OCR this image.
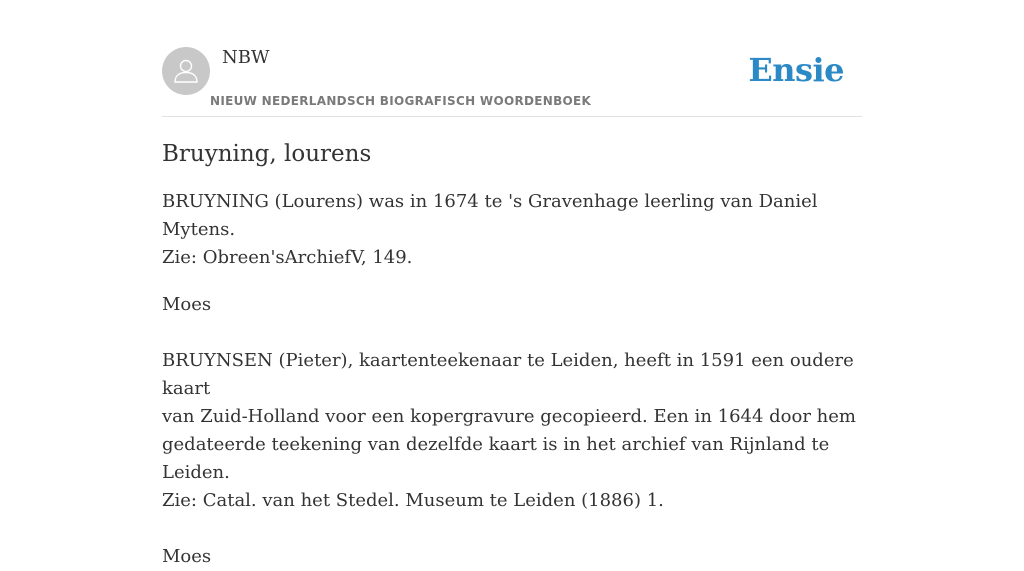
NBW
NIEUW NEDERLANDSCH BIOGRAFISCH WOORDENBOEK
Ensie
Bruyning, lourens

BRUYNING (Lourens) was in 1674 te 's Gravenhage leerling van Daniel Mytens.
Zie: Obreen'sArchiefV, 149.

Moes

BRUYNSEN (Pieter), kaartenteekenaar te Leiden, heeft in 1591 een oudere kaart
van Zuid-Holland voor een kopergravure gecopieerd. Een in 1644 door hem
gedateerde teekening van dezelfde kaart is in het archief van Rijnland te Leiden.
Zie: Catal. van het Stedel. Museum te Leiden (1886) 1.

Moes
